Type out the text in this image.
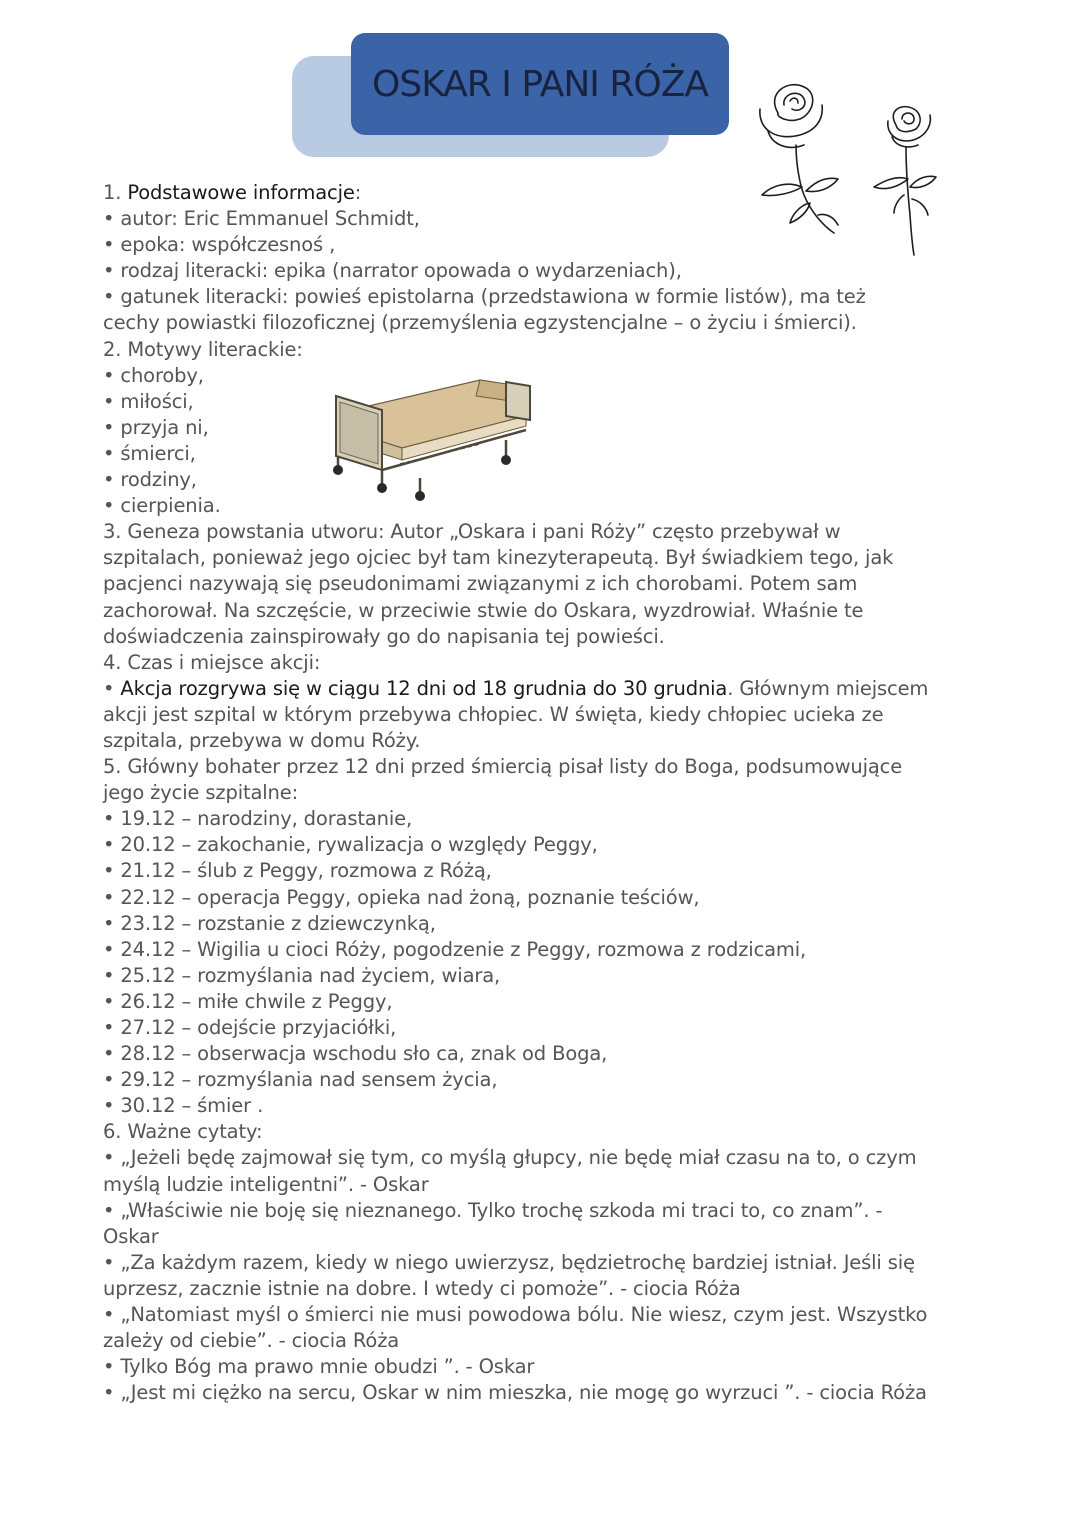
OSKAR I PANI RÓŻA

1. Podstawowe informacje:

• autor: Eric Emmanuel Schmidt,

• epoka: współczesnoś ,

• rodzaj literacki: epika (narrator opowada o wydarzeniach),

• gatunek literacki: powieś epistolarna (przedstawiona w formie listów), ma też

cechy powiastki filozoficznej (przemyślenia egzystencjalne – o życiu i śmierci).

2. Motywy literackie:

• choroby,

• miłości,

• przyja ni,

• śmierci,

• rodziny,

• cierpienia.

3. Geneza powstania utworu: Autor „Oskara i pani Róży” często przebywał w

szpitalach, ponieważ jego ojciec był tam kinezyterapeutą. Był świadkiem tego, jak

pacjenci nazywają się pseudonimami związanymi z ich chorobami. Potem sam

zachorował. Na szczęście, w przeciwie stwie do Oskara, wyzdrowiał. Właśnie te

doświadczenia zainspirowały go do napisania tej powieści.

4. Czas i miejsce akcji:

• Akcja rozgrywa się w ciągu 12 dni od 18 grudnia do 30 grudnia. Głównym miejscem

akcji jest szpital w którym przebywa chłopiec. W święta, kiedy chłopiec ucieka ze

szpitala, przebywa w domu Róży.

5. Główny bohater przez 12 dni przed śmiercią pisał listy do Boga, podsumowujące

jego życie szpitalne:

• 19.12 – narodziny, dorastanie,

• 20.12 – zakochanie, rywalizacja o względy Peggy,

• 21.12 – ślub z Peggy, rozmowa z Różą,

• 22.12 – operacja Peggy, opieka nad żoną, poznanie teściów,

• 23.12 – rozstanie z dziewczynką,

• 24.12 – Wigilia u cioci Róży, pogodzenie z Peggy, rozmowa z rodzicami,

• 25.12 – rozmyślania nad życiem, wiara,

• 26.12 – miłe chwile z Peggy,

• 27.12 – odejście przyjaciółki,

• 28.12 – obserwacja wschodu sło ca, znak od Boga,

• 29.12 – rozmyślania nad sensem życia,

• 30.12 – śmier .

6. Ważne cytaty:

• „Jeżeli będę zajmował się tym, co myślą głupcy, nie będę miał czasu na to, o czym

myślą ludzie inteligentni”. - Oskar

• „Właściwie nie boję się nieznanego. Tylko trochę szkoda mi traci to, co znam”. -

Oskar

• „Za każdym razem, kiedy w niego uwierzysz, będzietrochę bardziej istniał. Jeśli się

uprzesz, zacznie istnie na dobre. I wtedy ci pomoże”. - ciocia Róża

• „Natomiast myśl o śmierci nie musi powodowa bólu. Nie wiesz, czym jest. Wszystko

zależy od ciebie”. - ciocia Róża

• Tylko Bóg ma prawo mnie obudzi ”. - Oskar

• „Jest mi ciężko na sercu, Oskar w nim mieszka, nie mogę go wyrzuci ”. - ciocia Róża
